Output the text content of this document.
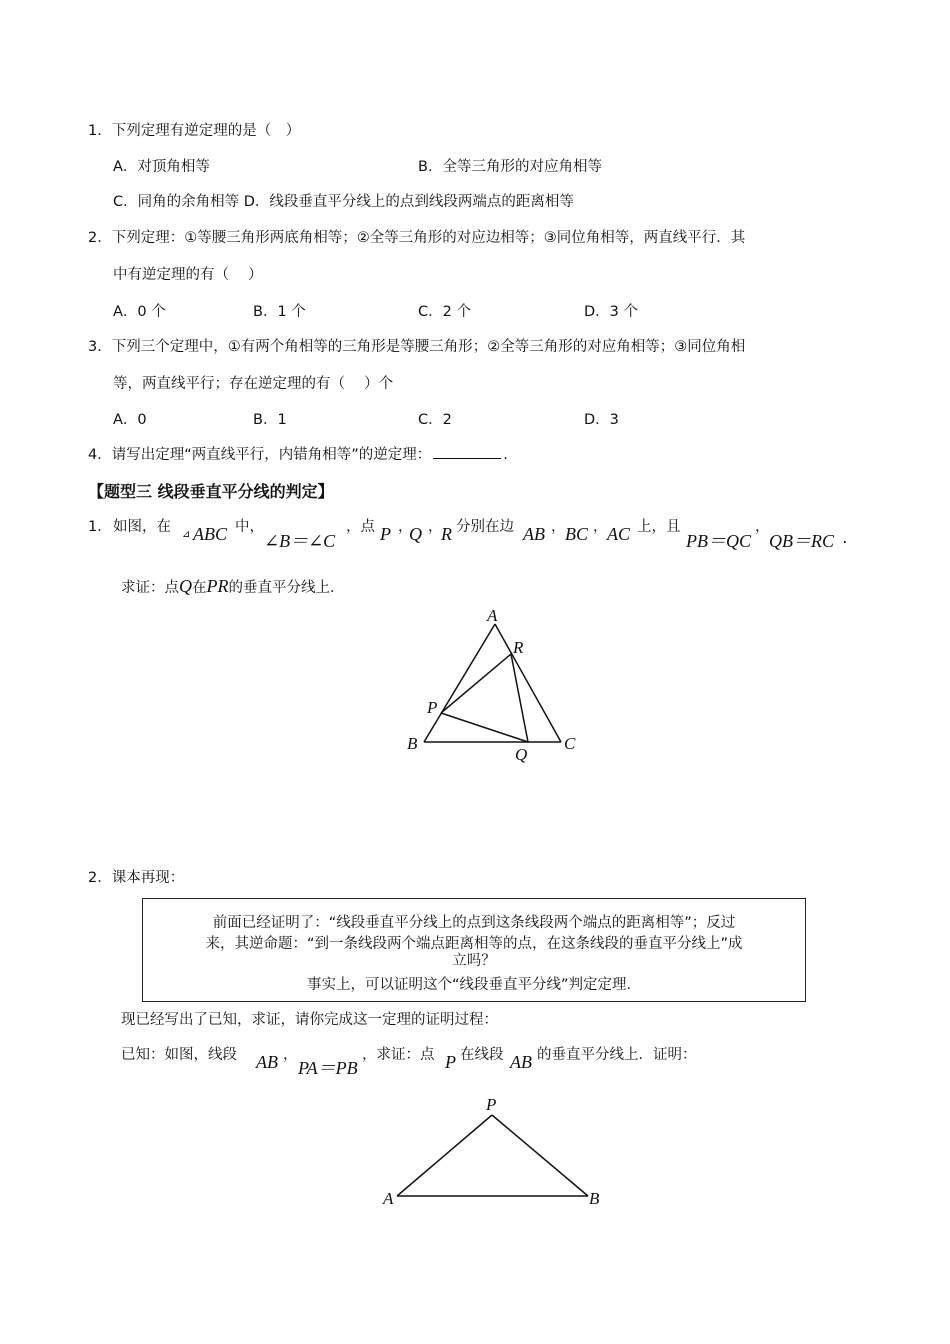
1．下列定理有逆定理的是（　）
A．对顶角相等	B．全等三角形的对应角相等
C．同角的余角相等 D．线段垂直平分线上的点到线段两端点的距离相等
2．下列定理：①等腰三角形两底角相等；②全等三角形的对应边相等；③同位角相等，两直线平行．其
中有逆定理的有（　 ）
A．0 个	B．1 个	C．2 个	D．3 个
3．下列三个定理中，①有两个角相等的三角形是等腰三角形；②全等三角形的对应角相等；③同位角相
等，两直线平行；存在逆定理的有（　 ）个
A．0	B．1	C．2	D．3
4．请写出定理“两直线平行，内错角相等”的逆定理：	.
【题型三 线段垂直平分线的判定】
1． 如图，在 ⊿ ABC 中，
∠B＝∠C
，点 P ，
Q ，
R 分别在边 AB ， BC ， AC 上，且
PB＝QC
，
QB＝RC .
求证：点Q在PR的垂直平分线上．
A
R
P
B
Q
C
P
A	B
2．课本再现：
前面已经证明了：“线段垂直平分线上的点到这条线段两个端点的距离相等”；反过
来，其逆命题：“到一条线段两个端点距离相等的点，在这条线段的垂直平分线上”成
立吗？
事实上，可以证明这个“线段垂直平分线”判定定理．
现已经写出了已知，求证，请你完成这一定理的证明过程：
已知：如图，线段 AB ，
PA＝PB
，求证：点 P 在线段 AB 的垂直平分线上．证明：
